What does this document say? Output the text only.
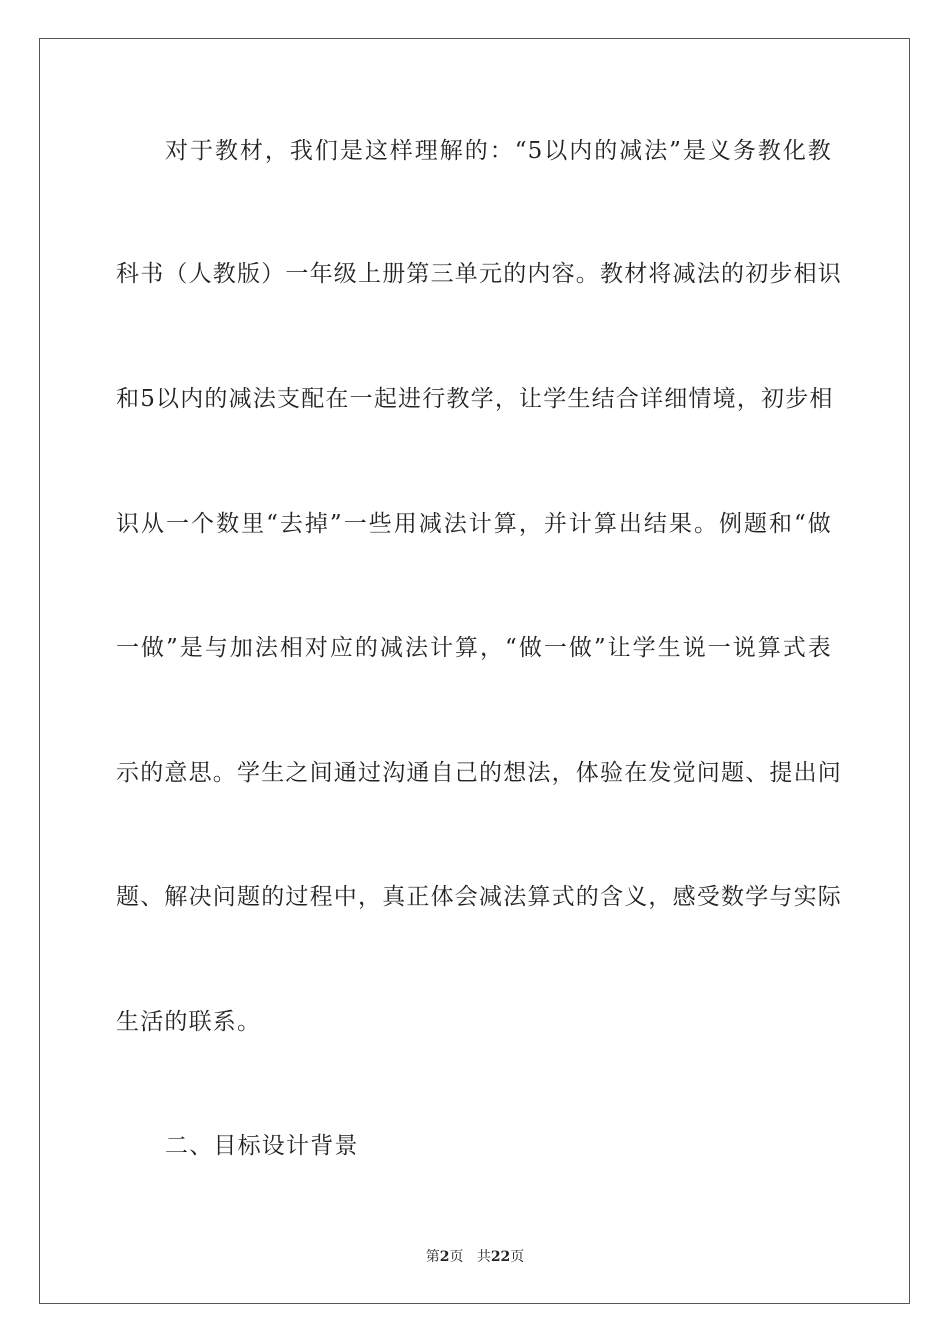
对于教材，我们是这样理解的：“5以内的减法”是义务教化教
科书（人教版）一年级上册第三单元的内容。教材将减法的初步相识
和5以内的减法支配在一起进行教学，让学生结合详细情境，初步相
识从一个数里“去掉”一些用减法计算，并计算出结果。例题和“做
一做”是与加法相对应的减法计算，“做一做”让学生说一说算式表
示的意思。学生之间通过沟通自己的想法，体验在发觉问题、提出问
题、解决问题的过程中，真正体会减法算式的含义，感受数学与实际
生活的联系。
二、目标设计背景
第2页 共22页
